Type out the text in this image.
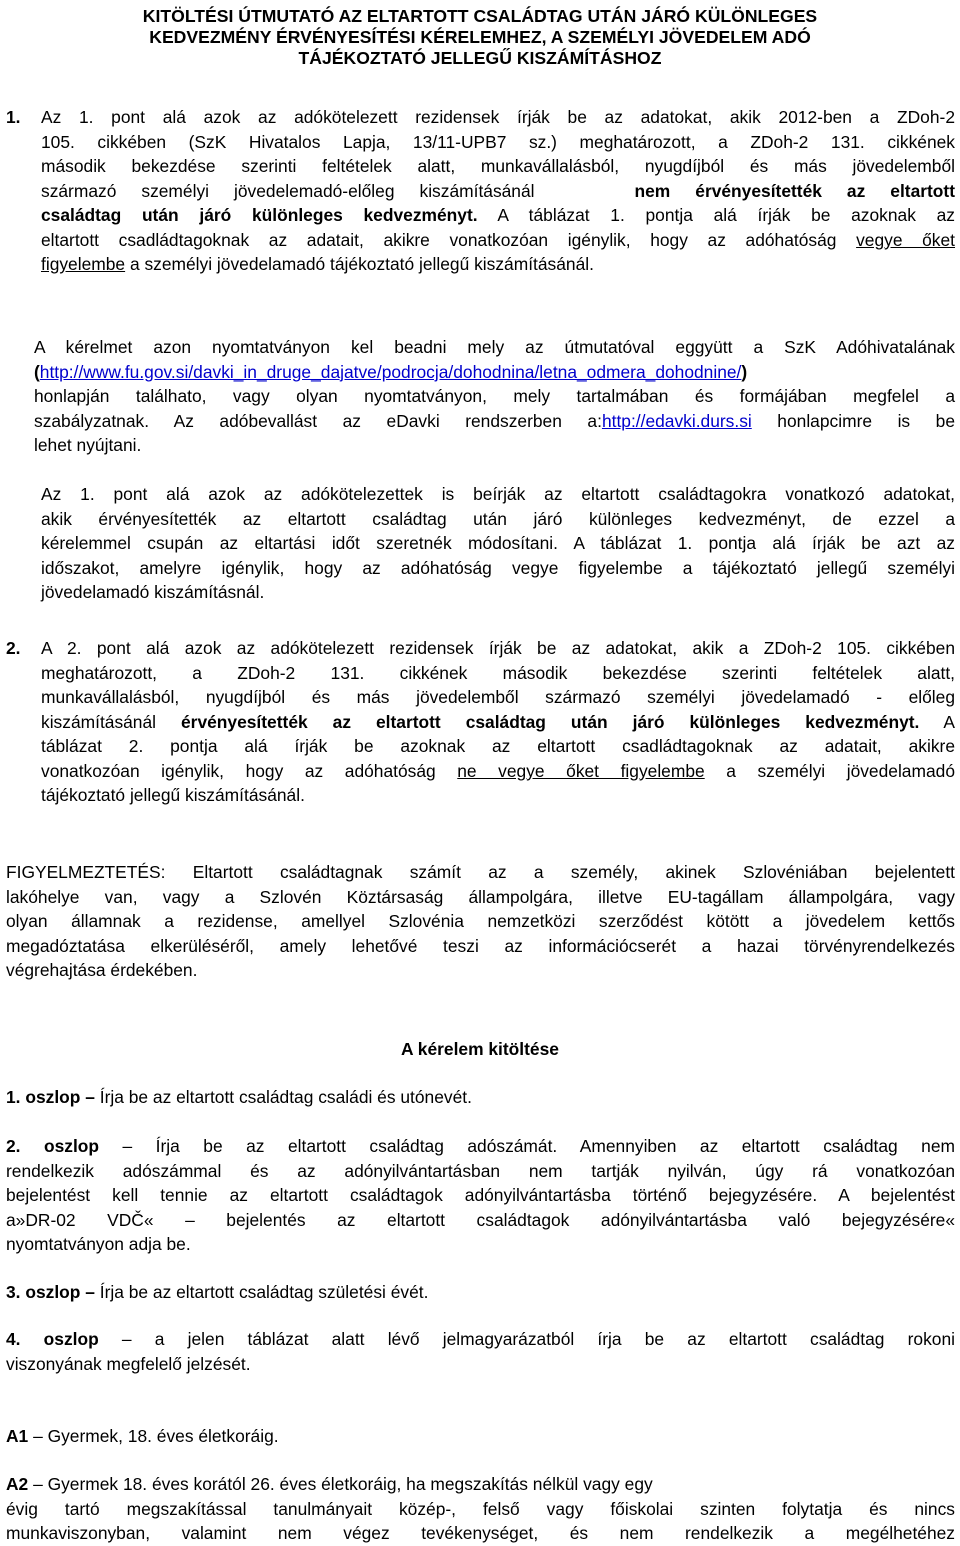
KITÖLTÉSI ÚTMUTATÓ AZ ELTARTOTT CSALÁDTAG UTÁN JÁRÓ KÜLÖNLEGES
KEDVEZMÉNY ÉRVÉNYESÍTÉSI KÉRELEMHEZ, A SZEMÉLYI JÖVEDELEM ADÓ
TÁJÉKOZTATÓ JELLEGŰ KISZÁMÍTÁSHOZ
1. Az 1. pont alá azok az adókötelezett rezidensek írják be az adatokat, akik 2012-ben a ZDoh-2
105. cikkében (SzK Hivatalos Lapja, 13/11-UPB7 sz.) meghatározott, a ZDoh-2 131. cikkének
második bekezdése szerinti feltételek alatt, munkavállalásból, nyugdíjból és más jövedelemből
származó személyi jövedelemadó-előleg kiszámításánál	nem érvényesítették az eltartott
családtag után járó különleges kedvezményt. A táblázat 1. pontja alá írják be azoknak az
eltartott csadládtagoknak az adatait, akikre vonatkozóan igénylik, hogy az adóhatóság vegye őket
figyelembe a személyi jövedelamadó tájékoztató jellegű kiszámításánál.
A kérelmet azon nyomtatványon kel beadni mely az útmutatóval eggyütt a SzK Adóhivatalának
(http://www.fu.gov.si/davki_in_druge_dajatve/podrocja/dohodnina/letna_odmera_dohodnine/)
honlapján találhato, vagy olyan nyomtatványon, mely tartalmában és formájában megfelel a
szabályzatnak. Az adóbevallást az eDavki rendszerben a:http://edavki.durs.si honlapcimre is be
lehet nyújtani.
Az 1. pont alá azok az adókötelezettek is beírják az eltartott családtagokra vonatkozó adatokat,
akik érvényesítették az eltartott családtag után járó különleges kedvezményt, de ezzel a
kérelemmel csupán az eltartási időt szeretnék módosítani. A táblázat 1. pontja alá írják be azt az
időszakot, amelyre igénylik, hogy az adóhatóság vegye figyelembe a tájékoztató jellegű személyi
jövedelamadó kiszámításnál.
2. A 2. pont alá azok az adókötelezett rezidensek írják be az adatokat, akik a ZDoh-2 105. cikkében
meghatározott, a ZDoh-2 131. cikkének második bekezdése szerinti feltételek alatt,
munkavállalásból, nyugdíjból és más jövedelemből származó személyi jövedelamadó - előleg
kiszámításánál érvényesítették az eltartott családtag után járó különleges kedvezményt. A
táblázat 2. pontja alá írják be azoknak az eltartott csadládtagoknak az adatait, akikre
vonatkozóan igénylik, hogy az adóhatóság ne vegye őket figyelembe a személyi jövedelamadó
tájékoztató jellegű kiszámításánál.
FIGYELMEZTETÉS: Eltartott családtagnak számít az a személy, akinek Szlovéniában bejelentett
lakóhelye van, vagy a Szlovén Köztársaság állampolgára, illetve EU-tagállam állampolgára, vagy
olyan államnak a rezidense, amellyel Szlovénia nemzetközi szerződést kötött a jövedelem kettős
megadóztatása elkerüléséről, amely lehetővé teszi az információcserét a hazai törvényrendelkezés
végrehajtása érdekében.
A kérelem kitöltése
1. oszlop – Írja be az eltartott családtag családi és utónevét.
2. oszlop – Írja be az eltartott családtag adószámát. Amennyiben az eltartott családtag nem
rendelkezik adószámmal és az adónyilvántartásban nem tartják nyilván, úgy rá vonatkozóan
bejelentést kell tennie az eltartott családtagok adónyilvántartásba történő bejegyzésére. A bejelentést
a»DR-02 VDČ« – bejelentés az eltartott családtagok adónyilvántartásba való bejegyzésére«
nyomtatványon adja be.
3. oszlop – Írja be az eltartott családtag születési évét.
4. oszlop – a jelen táblázat alatt lévő jelmagyarázatból írja be az eltartott családtag rokoni
viszonyának megfelelő jelzését.
A1 – Gyermek, 18. éves életkoráig.
A2 – Gyermek 18. éves korától 26. éves életkoráig, ha megszakítás nélkül vagy egy
évig tartó megszakítással tanulmányait közép-, felső vagy főiskolai szinten folytatja és nincs
munkaviszonyban, valamint nem végez tevékenységet, és nem rendelkezik a megélhetéhez
